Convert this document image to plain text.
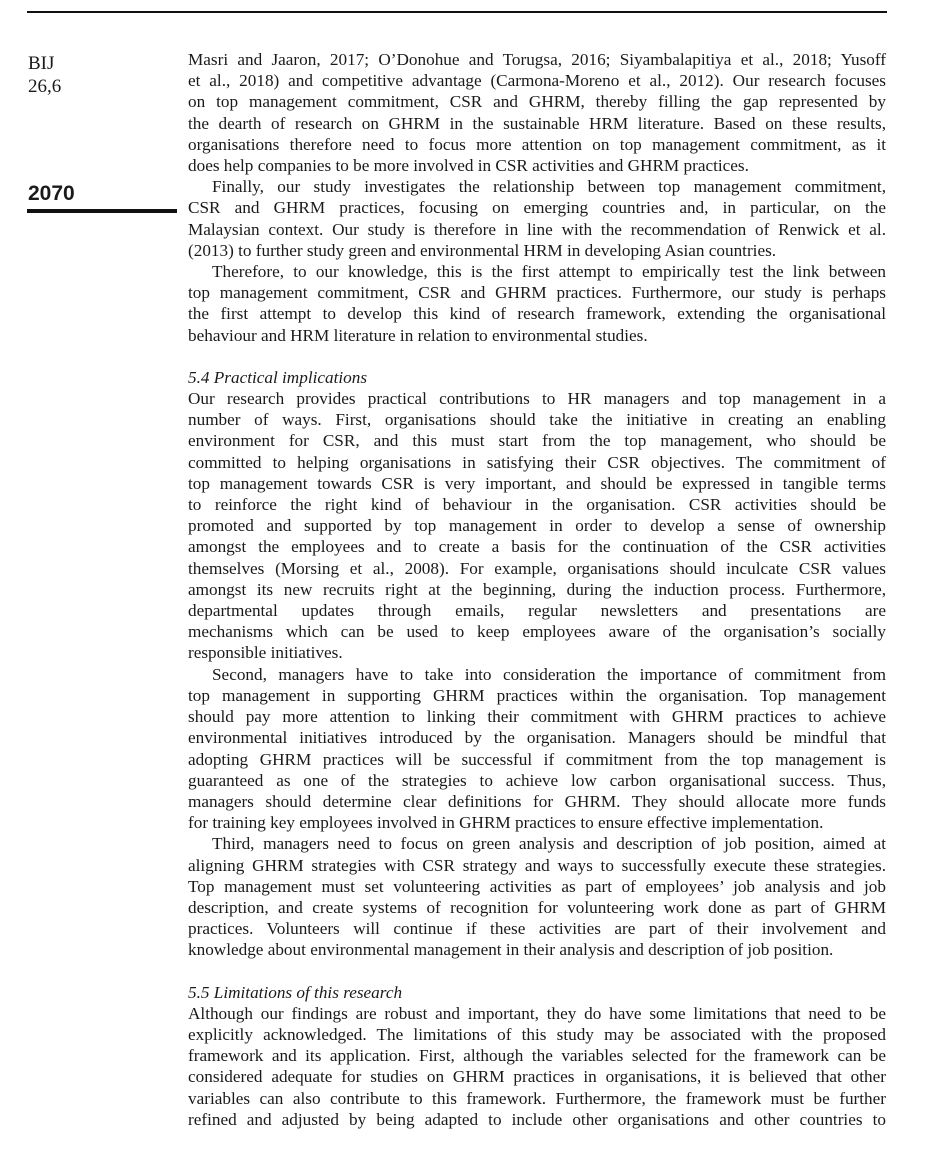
BIJ
26,6
2070

Masri and Jaaron, 2017; O’Donohue and Torugsa, 2016; Siyambalapitiya et al., 2018; Yusoff
et al., 2018) and competitive advantage (Carmona-Moreno et al., 2012). Our research focuses
on top management commitment, CSR and GHRM, thereby filling the gap represented by
the dearth of research on GHRM in the sustainable HRM literature. Based on these results,
organisations therefore need to focus more attention on top management commitment, as it
does help companies to be more involved in CSR activities and GHRM practices.

Finally, our study investigates the relationship between top management commitment,
CSR and GHRM practices, focusing on emerging countries and, in particular, on the
Malaysian context. Our study is therefore in line with the recommendation of Renwick et al.
(2013) to further study green and environmental HRM in developing Asian countries.

Therefore, to our knowledge, this is the first attempt to empirically test the link between
top management commitment, CSR and GHRM practices. Furthermore, our study is perhaps
the first attempt to develop this kind of research framework, extending the organisational
behaviour and HRM literature in relation to environmental studies.

5.4 Practical implications

Our research provides practical contributions to HR managers and top management in a
number of ways. First, organisations should take the initiative in creating an enabling
environment for CSR, and this must start from the top management, who should be
committed to helping organisations in satisfying their CSR objectives. The commitment of
top management towards CSR is very important, and should be expressed in tangible terms
to reinforce the right kind of behaviour in the organisation. CSR activities should be
promoted and supported by top management in order to develop a sense of ownership
amongst the employees and to create a basis for the continuation of the CSR activities
themselves (Morsing et al., 2008). For example, organisations should inculcate CSR values
amongst its new recruits right at the beginning, during the induction process. Furthermore,
departmental updates through emails, regular newsletters and presentations are
mechanisms which can be used to keep employees aware of the organisation’s socially
responsible initiatives.

Second, managers have to take into consideration the importance of commitment from
top management in supporting GHRM practices within the organisation. Top management
should pay more attention to linking their commitment with GHRM practices to achieve
environmental initiatives introduced by the organisation. Managers should be mindful that
adopting GHRM practices will be successful if commitment from the top management is
guaranteed as one of the strategies to achieve low carbon organisational success. Thus,
managers should determine clear definitions for GHRM. They should allocate more funds
for training key employees involved in GHRM practices to ensure effective implementation.

Third, managers need to focus on green analysis and description of job position, aimed at
aligning GHRM strategies with CSR strategy and ways to successfully execute these strategies.
Top management must set volunteering activities as part of employees’ job analysis and job
description, and create systems of recognition for volunteering work done as part of GHRM
practices. Volunteers will continue if these activities are part of their involvement and
knowledge about environmental management in their analysis and description of job position.

5.5 Limitations of this research

Although our findings are robust and important, they do have some limitations that need to be
explicitly acknowledged. The limitations of this study may be associated with the proposed
framework and its application. First, although the variables selected for the framework can be
considered adequate for studies on GHRM practices in organisations, it is believed that other
variables can also contribute to this framework. Furthermore, the framework must be further
refined and adjusted by being adapted to include other organisations and other countries to
